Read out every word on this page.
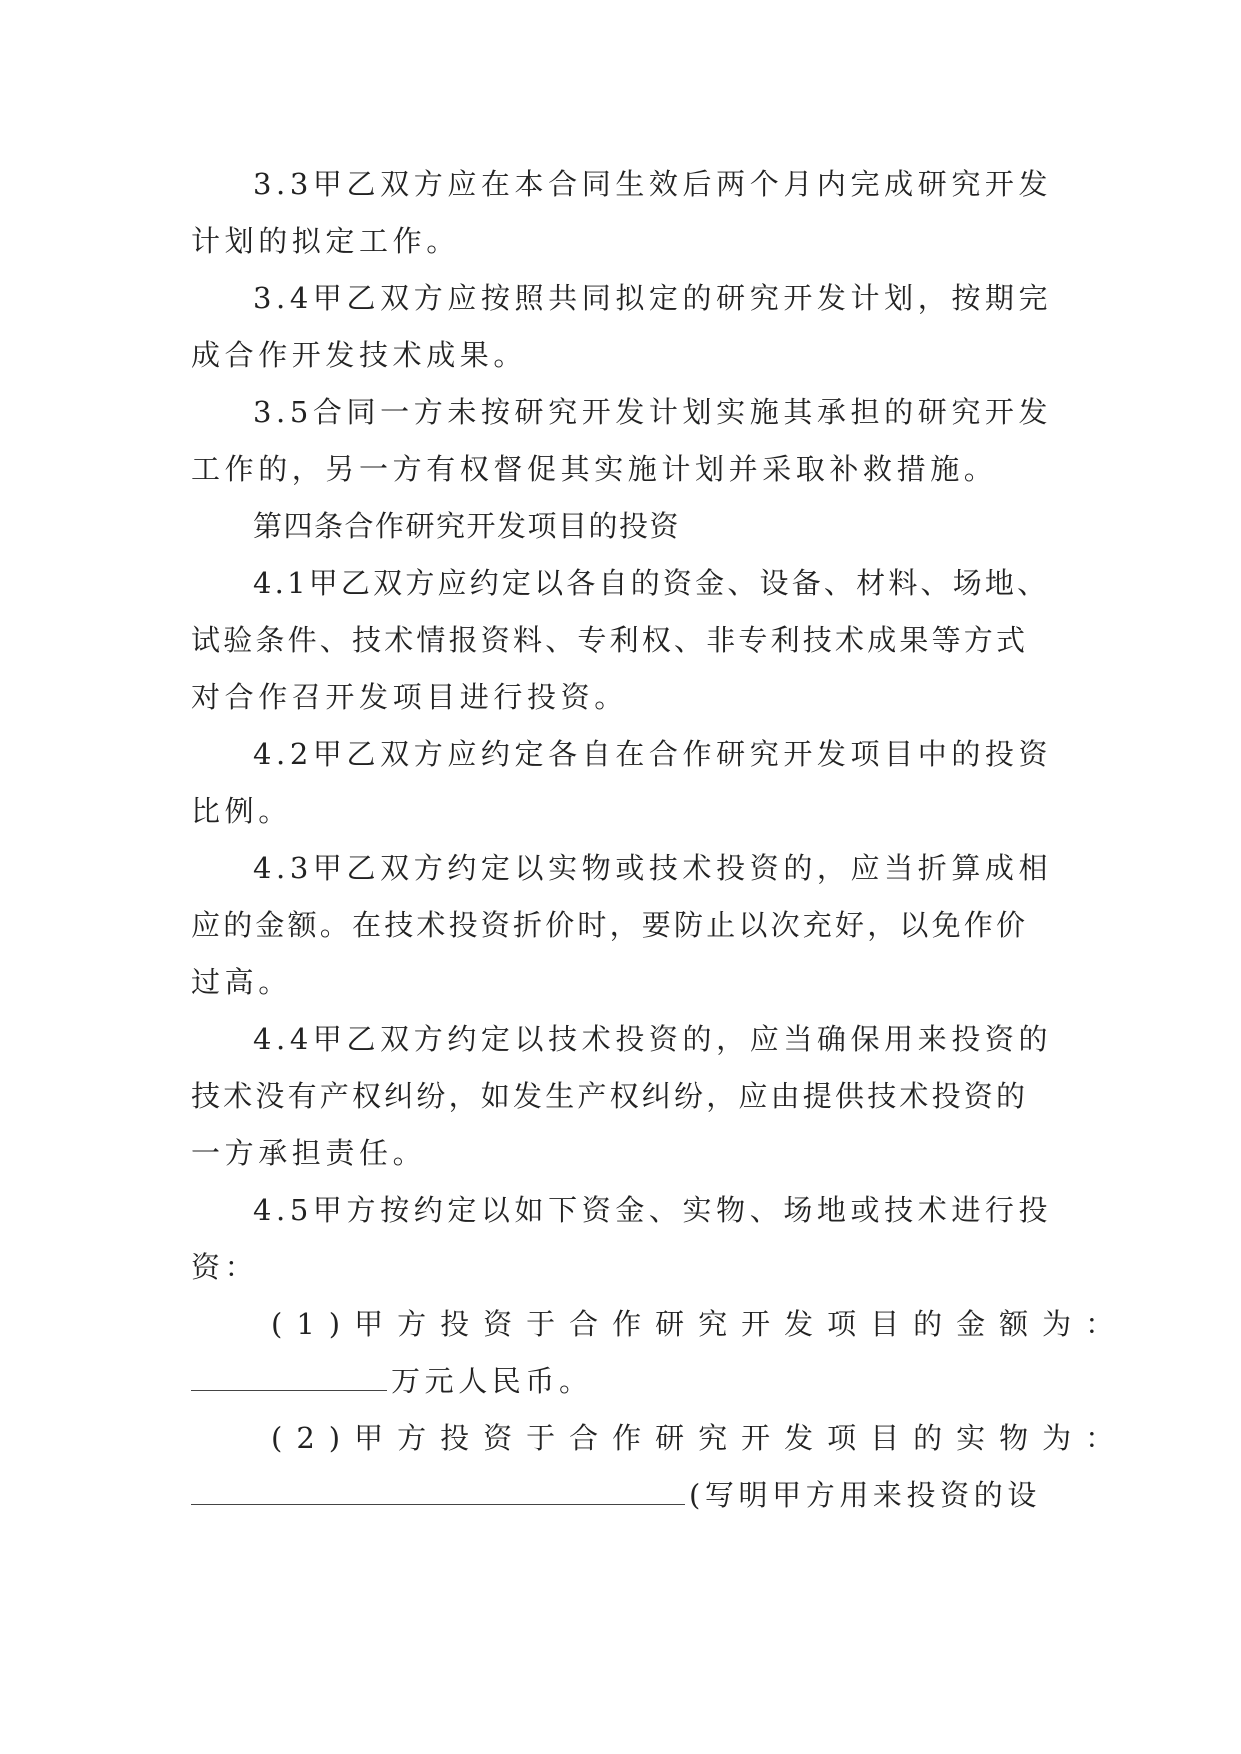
3.3甲乙双方应在本合同生效后两个月内完成研究开发
计划的拟定工作。
3.4甲乙双方应按照共同拟定的研究开发计划，按期完
成合作开发技术成果。
3.5合同一方未按研究开发计划实施其承担的研究开发
工作的，另一方有权督促其实施计划并采取补救措施。
第四条合作研究开发项目的投资
4.1甲乙双方应约定以各自的资金、设备、材料、场地、
试验条件、技术情报资料、专利权、非专利技术成果等方式
对合作召开发项目进行投资。
4.2甲乙双方应约定各自在合作研究开发项目中的投资
比例。
4.3甲乙双方约定以实物或技术投资的，应当折算成相
应的金额。在技术投资折价时，要防止以次充好，以免作价
过高。
4.4甲乙双方约定以技术投资的，应当确保用来投资的
技术没有产权纠纷，如发生产权纠纷，应由提供技术投资的
一方承担责任。
4.5甲方按约定以如下资金、实物、场地或技术进行投
资：
(1)甲方投资于合作研究开发项目的金额为：
万元人民币。
(2)甲方投资于合作研究开发项目的实物为：
(写明甲方用来投资的设
